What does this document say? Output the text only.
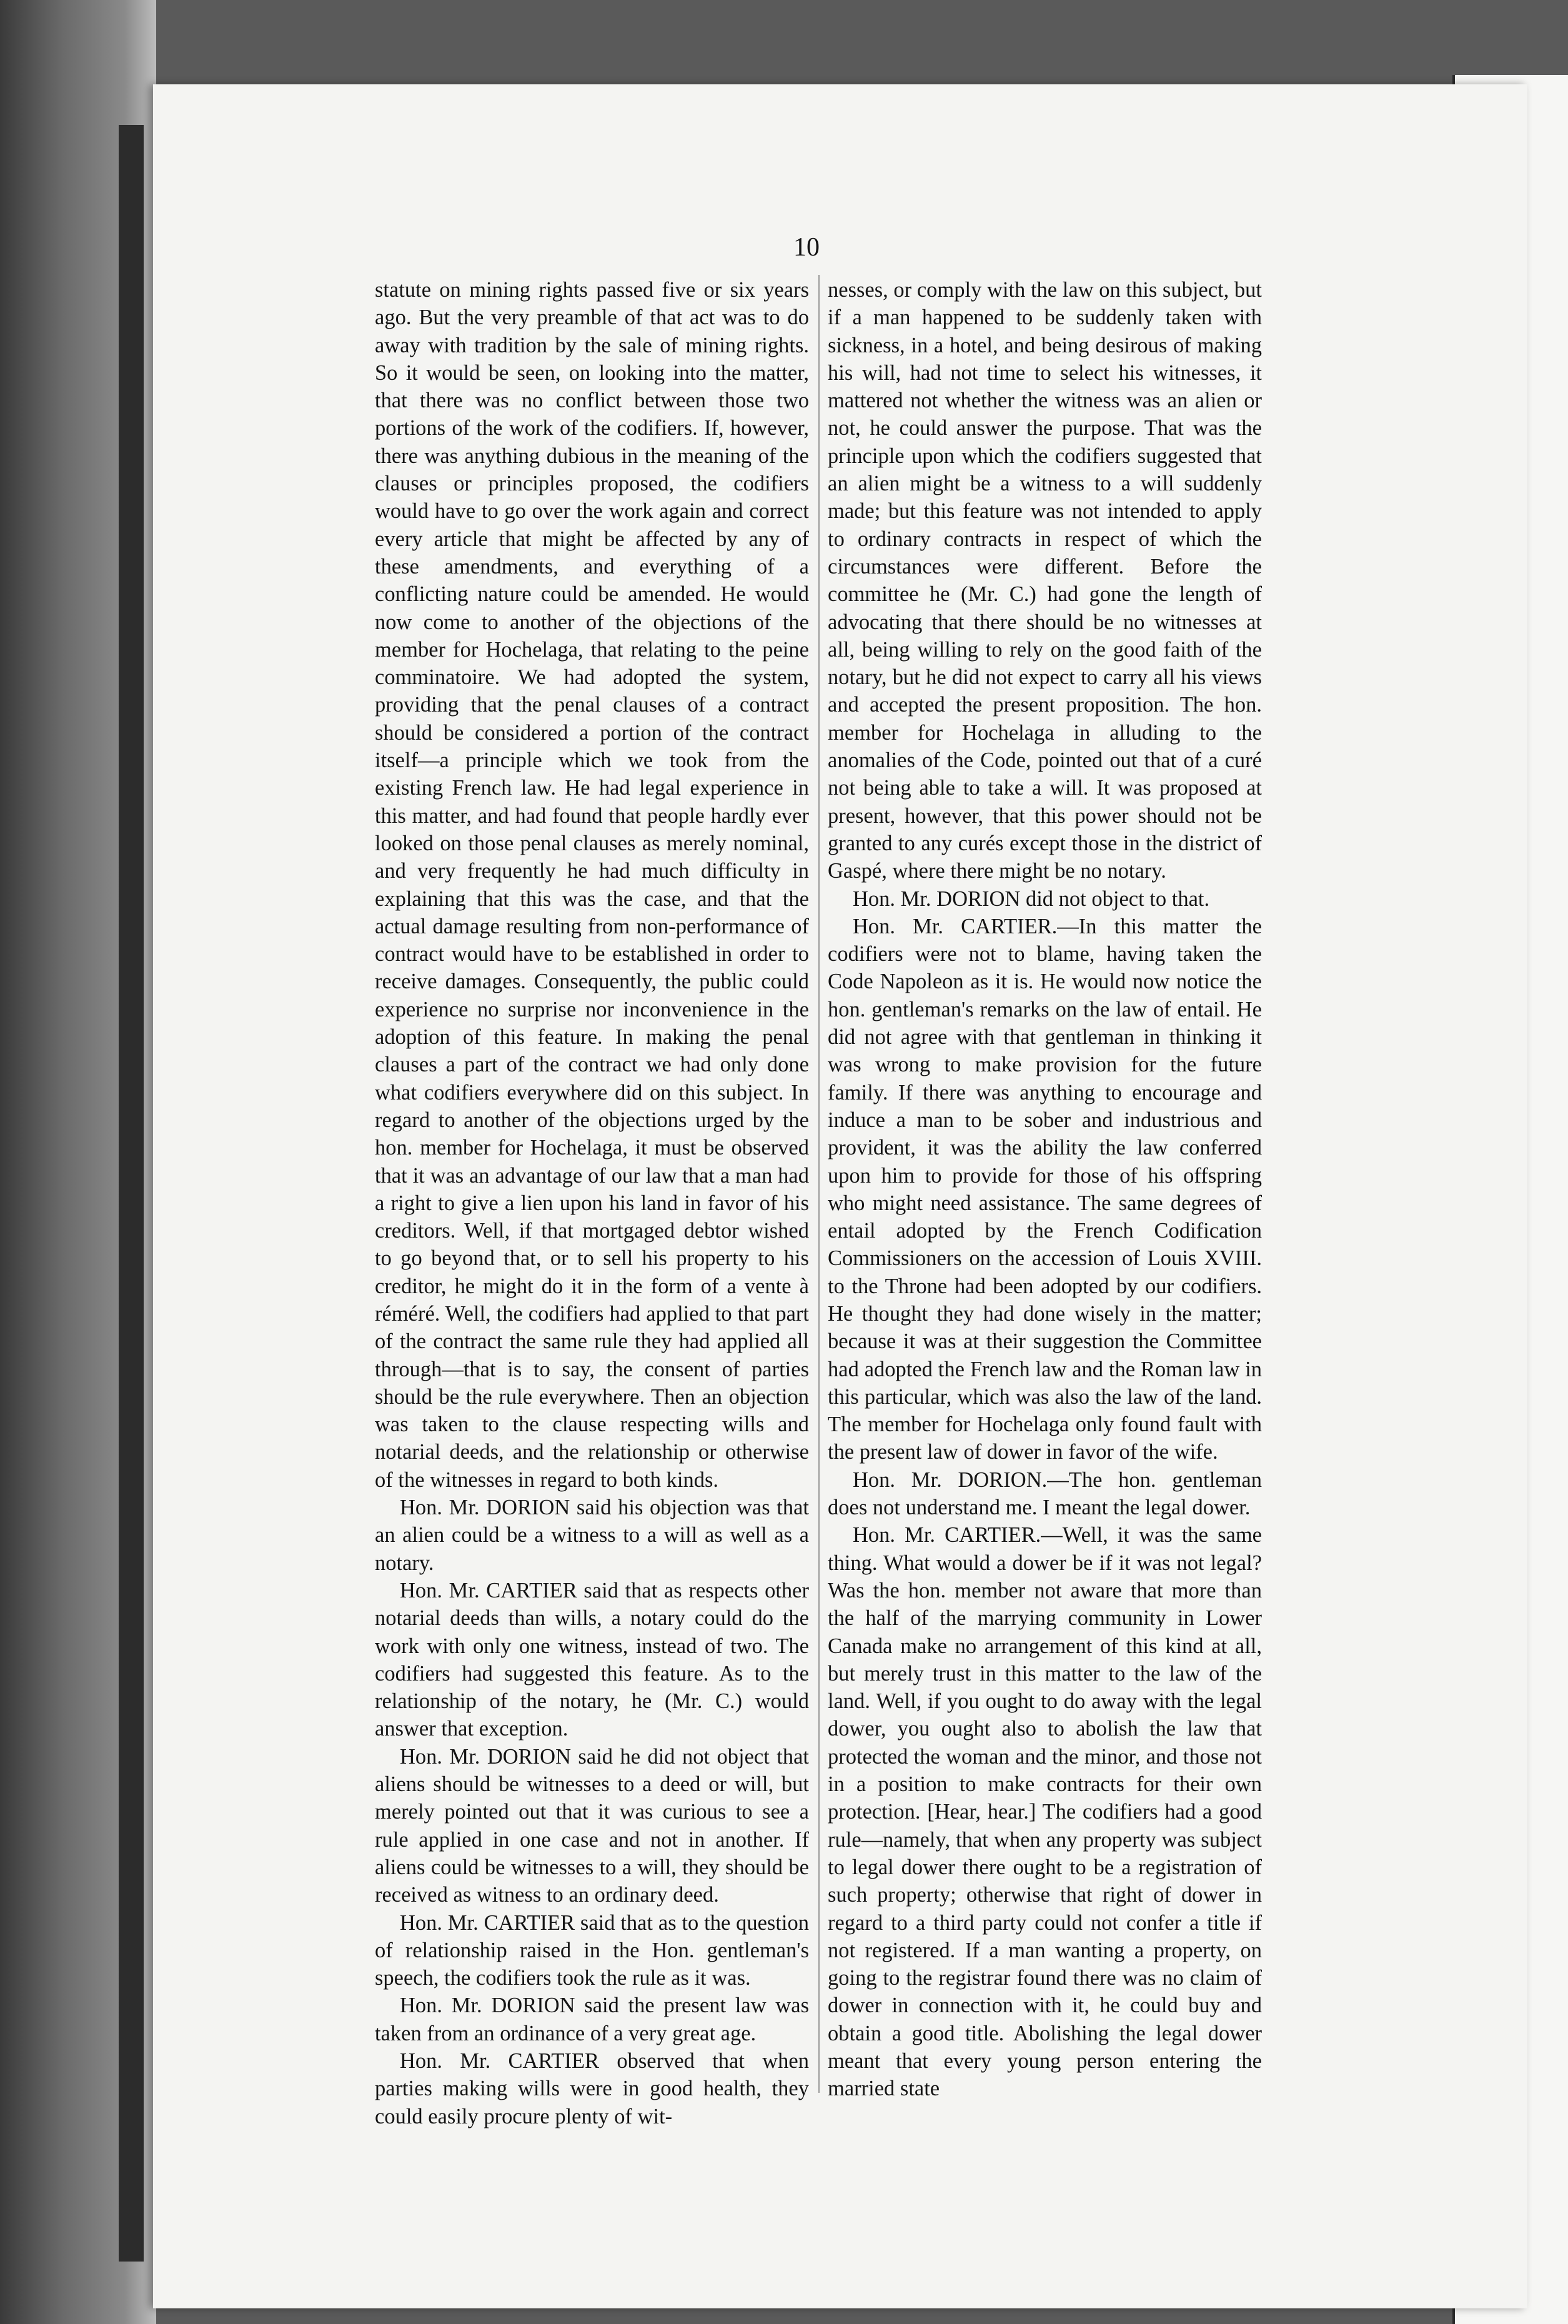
10

statute on mining rights passed five or six years ago. But the very preamble of that act was to do away with tradition by the sale of mining rights. So it would be seen, on looking into the matter, that there was no conflict between those two portions of the work of the codifiers. If, however, there was anything dubious in the meaning of the clauses or principles proposed, the codifiers would have to go over the work again and correct every article that might be affected by any of these amendments, and everything of a conflicting nature could be amended. He would now come to another of the objections of the member for Hochelaga, that relating to the peine comminatoire. We had adopted the system, providing that the penal clauses of a contract should be considered a portion of the contract itself—a principle which we took from the existing French law. He had legal experience in this matter, and had found that people hardly ever looked on those penal clauses as merely nominal, and very frequently he had much difficulty in explaining that this was the case, and that the actual damage resulting from non-performance of contract would have to be established in order to receive damages. Consequently, the public could experience no surprise nor inconvenience in the adoption of this feature. In making the penal clauses a part of the contract we had only done what codifiers everywhere did on this subject. In regard to another of the objections urged by the hon. member for Hochelaga, it must be observed that it was an advantage of our law that a man had a right to give a lien upon his land in favor of his creditors. Well, if that mortgaged debtor wished to go beyond that, or to sell his property to his creditor, he might do it in the form of a vente à réméré. Well, the codifiers had applied to that part of the contract the same rule they had applied all through—that is to say, the consent of parties should be the rule everywhere. Then an objection was taken to the clause respecting wills and notarial deeds, and the relationship or otherwise of the witnesses in regard to both kinds.

Hon. Mr. DORION said his objection was that an alien could be a witness to a will as well as a notary.

Hon. Mr. CARTIER said that as respects other notarial deeds than wills, a notary could do the work with only one witness, instead of two. The codifiers had suggested this feature. As to the relationship of the notary, he (Mr. C.) would answer that exception.

Hon. Mr. DORION said he did not object that aliens should be witnesses to a deed or will, but merely pointed out that it was curious to see a rule applied in one case and not in another. If aliens could be witnesses to a will, they should be received as witness to an ordinary deed.

Hon. Mr. CARTIER said that as to the question of relationship raised in the Hon. gentleman's speech, the codifiers took the rule as it was.

Hon. Mr. DORION said the present law was taken from an ordinance of a very great age.

Hon. Mr. CARTIER observed that when parties making wills were in good health, they could easily procure plenty of wit-

nesses, or comply with the law on this subject, but if a man happened to be suddenly taken with sickness, in a hotel, and being desirous of making his will, had not time to select his witnesses, it mattered not whether the witness was an alien or not, he could answer the purpose. That was the principle upon which the codifiers suggested that an alien might be a witness to a will suddenly made; but this feature was not intended to apply to ordinary contracts in respect of which the circumstances were different. Before the committee he (Mr. C.) had gone the length of advocating that there should be no witnesses at all, being willing to rely on the good faith of the notary, but he did not expect to carry all his views and accepted the present proposition. The hon. member for Hochelaga in alluding to the anomalies of the Code, pointed out that of a curé not being able to take a will. It was proposed at present, however, that this power should not be granted to any curés except those in the district of Gaspé, where there might be no notary.

Hon. Mr. DORION did not object to that.

Hon. Mr. CARTIER.—In this matter the codifiers were not to blame, having taken the Code Napoleon as it is. He would now notice the hon. gentleman's remarks on the law of entail. He did not agree with that gentleman in thinking it was wrong to make provision for the future family. If there was anything to encourage and induce a man to be sober and industrious and provident, it was the ability the law conferred upon him to provide for those of his offspring who might need assistance. The same degrees of entail adopted by the French Codification Commissioners on the accession of Louis XVIII. to the Throne had been adopted by our codifiers. He thought they had done wisely in the matter; because it was at their suggestion the Committee had adopted the French law and the Roman law in this particular, which was also the law of the land. The member for Hochelaga only found fault with the present law of dower in favor of the wife.

Hon. Mr. DORION.—The hon. gentleman does not understand me. I meant the legal dower.

Hon. Mr. CARTIER.—Well, it was the same thing. What would a dower be if it was not legal? Was the hon. member not aware that more than the half of the marrying community in Lower Canada make no arrangement of this kind at all, but merely trust in this matter to the law of the land. Well, if you ought to do away with the legal dower, you ought also to abolish the law that protected the woman and the minor, and those not in a position to make contracts for their own protection. [Hear, hear.] The codifiers had a good rule—namely, that when any property was subject to legal dower there ought to be a registration of such property; otherwise that right of dower in regard to a third party could not confer a title if not registered. If a man wanting a property, on going to the registrar found there was no claim of dower in connection with it, he could buy and obtain a good title. Abolishing the legal dower meant that every young person entering the married state
